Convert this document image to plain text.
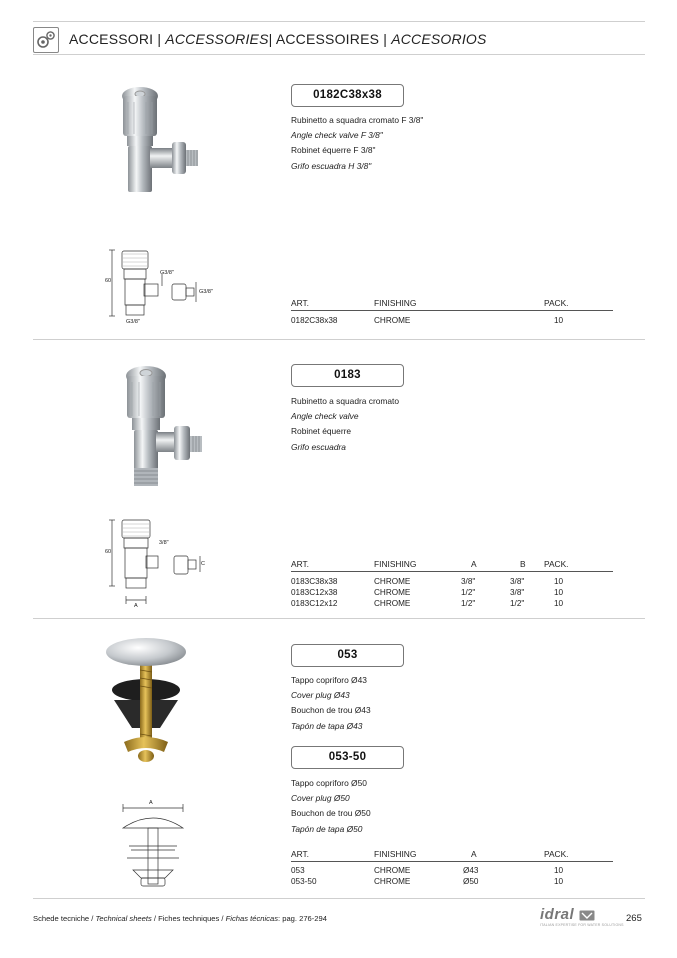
ACCESSORI | ACCESSORIES| ACCESSOIRES | ACCESORIOS
60
G3/8"
G3/8"
G3/8"
0182C38x38
Rubinetto a squadra cromato F 3/8"
Angle check valve F 3/8"
Robinet équerre F 3/8"
Grifo escuadra H 3/8"
ART.	FINISHING	PACK.
0182C38x38	CHROME	10
60
3/8"
C
A
0183
Rubinetto a squadra cromato
Angle check valve
Robinet équerre
Grifo escuadra
ART.	FINISHING	A	B PACK.
0183C38x38	CHROME	3/8"	3/8"	10
0183C12x38	CHROME	1/2"	3/8"	10
0183C12x12	CHROME	1/2"	1/2"	10
A
053
Tappo copriforo Ø43
Cover plug Ø43
Bouchon de trou Ø43
Tapón de tapa Ø43
053-50
Tappo copriforo Ø50
Cover plug Ø50
Bouchon de trou Ø50
Tapón de tapa Ø50
ART.	FINISHING	A	PACK.
053	CHROME	Ø43	10
053-50	CHROME	Ø50	10
Schede tecniche / Technical sheets / Fiches techniques / Fichas técnicas: pag. 276-294	idral
ITALIAN EXPERTISE FOR WATER SOLUTIONS
265
